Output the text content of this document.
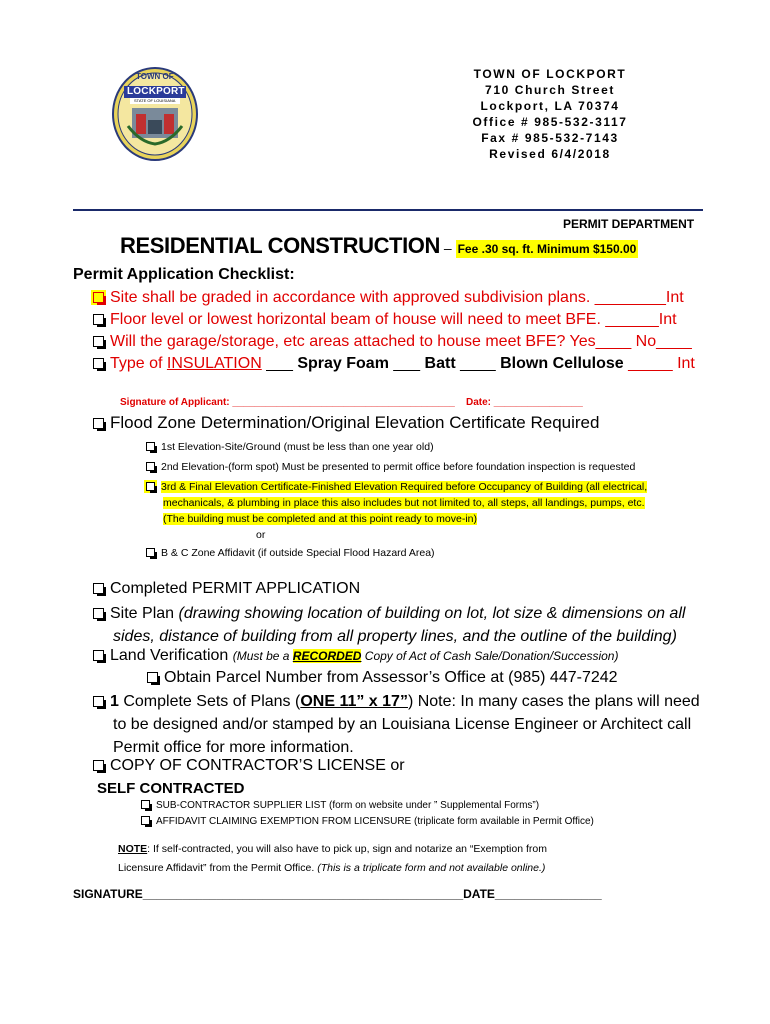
TOWN OF
LOCKPORT
STATE OF LOUISIANA
TOWN OF LOCKPORT
710 Church Street
Lockport, LA 70374
Office # 985-532-3117
Fax # 985-532-7143
Revised 6/4/2018
PERMIT DEPARTMENT
RESIDENTIAL CONSTRUCTION – Fee .30 sq. ft. Minimum $150.00
Permit Application Checklist:
Site shall be graded in accordance with approved subdivision plans. ________Int
Floor level or lowest horizontal beam of house will need to meet BFE. ______Int
Will the garage/storage, etc areas attached to house meet BFE? Yes____ No____
Type of INSULATION ___ Spray Foam ___ Batt ____ Blown Cellulose _____ Int
Signature of Applicant: ________________________________________ Date: ________________
Flood Zone Determination/Original Elevation Certificate Required
1st Elevation-Site/Ground (must be less than one year old)
2nd Elevation-(form spot) Must be presented to permit office before foundation inspection is requested
3rd & Final Elevation Certificate-Finished Elevation Required before Occupancy of Building (all electrical,
mechanicals, & plumbing in place this also includes but not limited to, all steps, all landings, pumps, etc.
(The building must be completed and at this point ready to move-in)
or
B & C Zone Affidavit (if outside Special Flood Hazard Area)
Completed PERMIT APPLICATION
Site Plan (drawing showing location of building on lot, lot size & dimensions on all
sides, distance of building from all property lines, and the outline of the building)
Land Verification (Must be a RECORDED Copy of Act of Cash Sale/Donation/Succession)
Obtain Parcel Number from Assessor’s Office at (985) 447-7242
1 Complete Sets of Plans (ONE 11” x 17”) Note: In many cases the plans will need
to be designed and/or stamped by an Louisiana License Engineer or Architect call
Permit office for more information.
COPY OF CONTRACTOR’S LICENSE or
SELF CONTRACTED
SUB-CONTRACTOR SUPPLIER LIST (form on website under ” Supplemental Forms”)
AFFIDAVIT CLAIMING EXEMPTION FROM LICENSURE (triplicate form available in Permit Office)
NOTE: If self-contracted, you will also have to pick up, sign and notarize an “Exemption from
Licensure Affidavit” from the Permit Office. (This is a triplicate form and not available online.)
SIGNATURE________________________________________________DATE________________
